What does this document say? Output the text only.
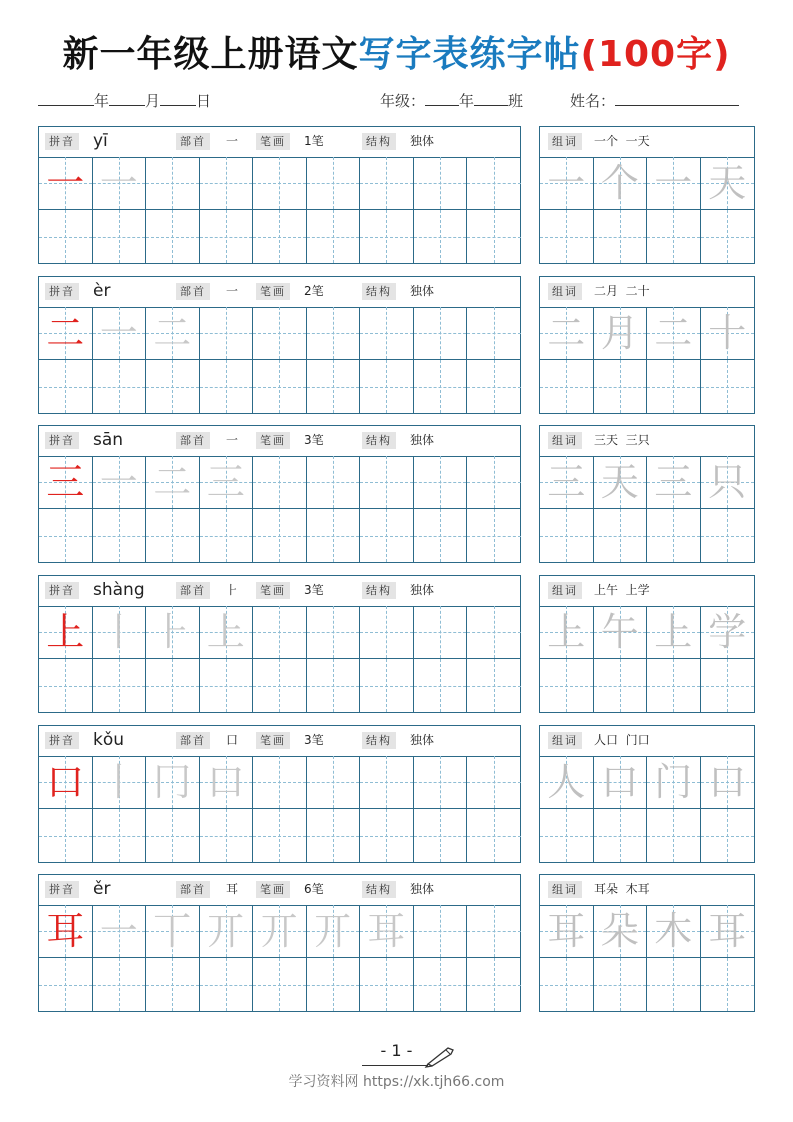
新一年级上册语文写字表练字帖(100字)
年 月 日	年级： 年 班	姓名：
拼音 yī	部首	一	笔画	1笔	结构	独体
一 一
组词	一个  一天
一 个 一 天
拼音 èr	部首	一	笔画	2笔	结构	独体
二 一 二
组词	二月  二十
二 月 二 十
拼音 sān	部首	一	笔画	3笔	结构	独体
三 一 二 三
组词	三天  三只
三 天 三 只
拼音 shàng	部首	⺊	笔画	3笔	结构	独体
上 丨 ⺊ 上
组词	上午  上学
上 午 上 学
拼音 kǒu	部首	口	笔画	3笔	结构	独体
口 丨 冂 口
组词	人口  门口
人 口 门 口
拼音 ěr	部首	耳	笔画	6笔	结构	独体
耳 一 丅 丌 丌 丌 耳
组词	耳朵  木耳
耳 朵 木 耳
- 1 -
学习资料网 https://xk.tjh66.com
